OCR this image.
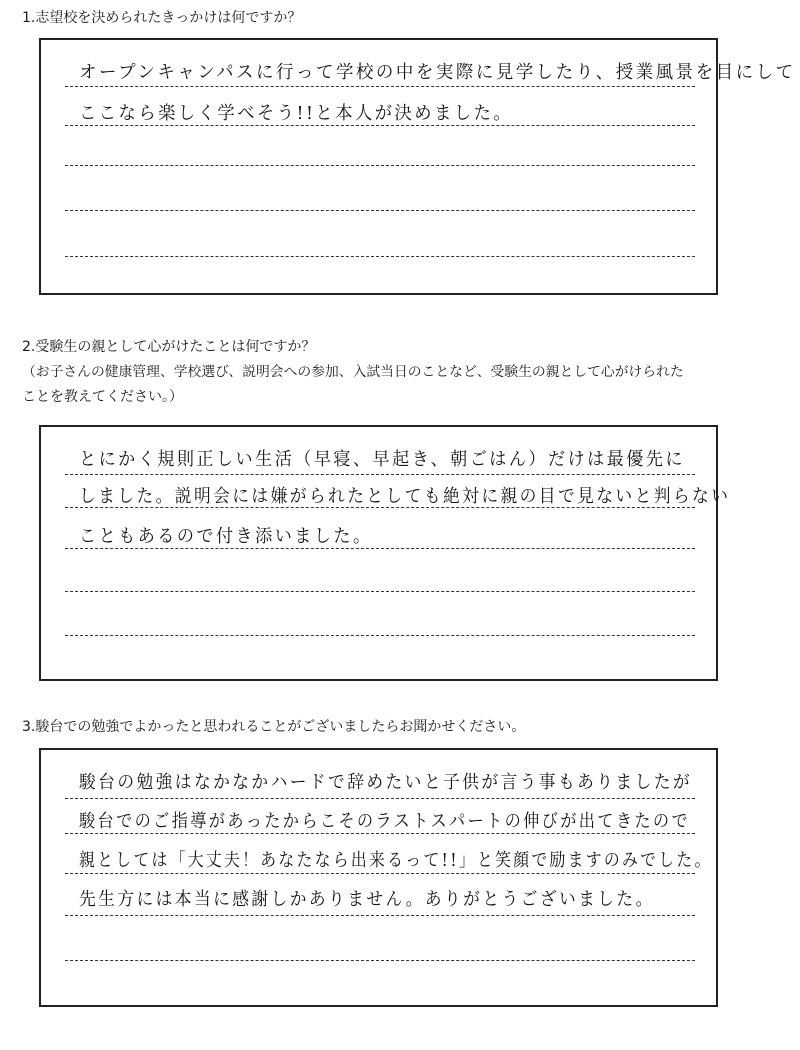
1.志望校を決められたきっかけは何ですか？
オープンキャンパスに行って学校の中を実際に見学したり、授業風景を目にして
ここなら楽しく学べそう!!と本人が決めました。
2.受験生の親として心がけたことは何ですか？
（お子さんの健康管理、学校選び、説明会への参加、入試当日のことなど、受験生の親として心がけられた
ことを教えてください。）
とにかく規則正しい生活（早寝、早起き、朝ごはん）だけは最優先に
しました。説明会には嫌がられたとしても絶対に親の目で見ないと判らない
こともあるので付き添いました。
3.駿台での勉強でよかったと思われることがございましたらお聞かせください。
駿台の勉強はなかなかハードで辞めたいと子供が言う事もありましたが
駿台でのご指導があったからこそのラストスパートの伸びが出てきたので
親としては「大丈夫！あなたなら出来るって!!」と笑顔で励ますのみでした。
先生方には本当に感謝しかありません。ありがとうございました。
